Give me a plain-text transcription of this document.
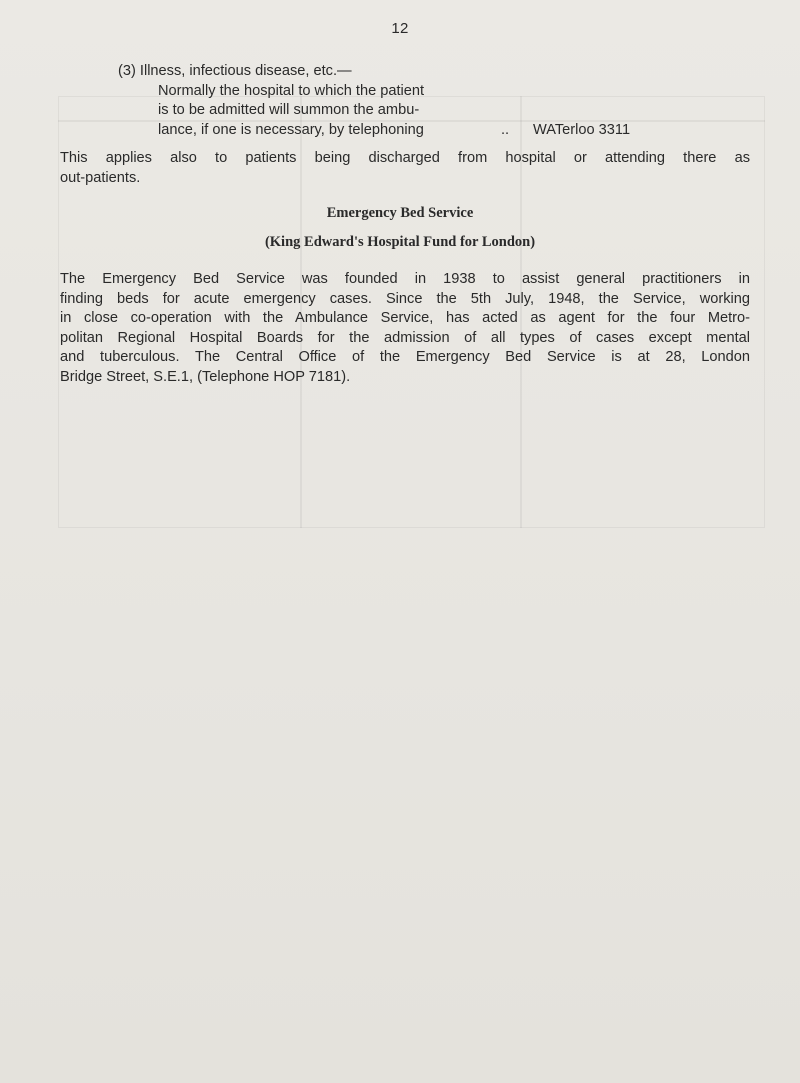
12
(3) Illness, infectious disease, etc.—
Normally the hospital to which the patient
is to be admitted will summon the ambu-
lance, if one is necessary, by telephoning	.. WATerloo 3311
This applies also to patients being discharged from hospital or attending there as
out-patients.
Emergency Bed Service
(King Edward's Hospital Fund for London)
The Emergency Bed Service was founded in 1938 to assist general practitioners in
finding beds for acute emergency cases. Since the 5th July, 1948, the Service, working
in close co-operation with the Ambulance Service, has acted as agent for the four Metro-
politan Regional Hospital Boards for the admission of all types of cases except mental
and tuberculous. The Central Office of the Emergency Bed Service is at 28, London
Bridge Street, S.E.1, (Telephone HOP 7181).
